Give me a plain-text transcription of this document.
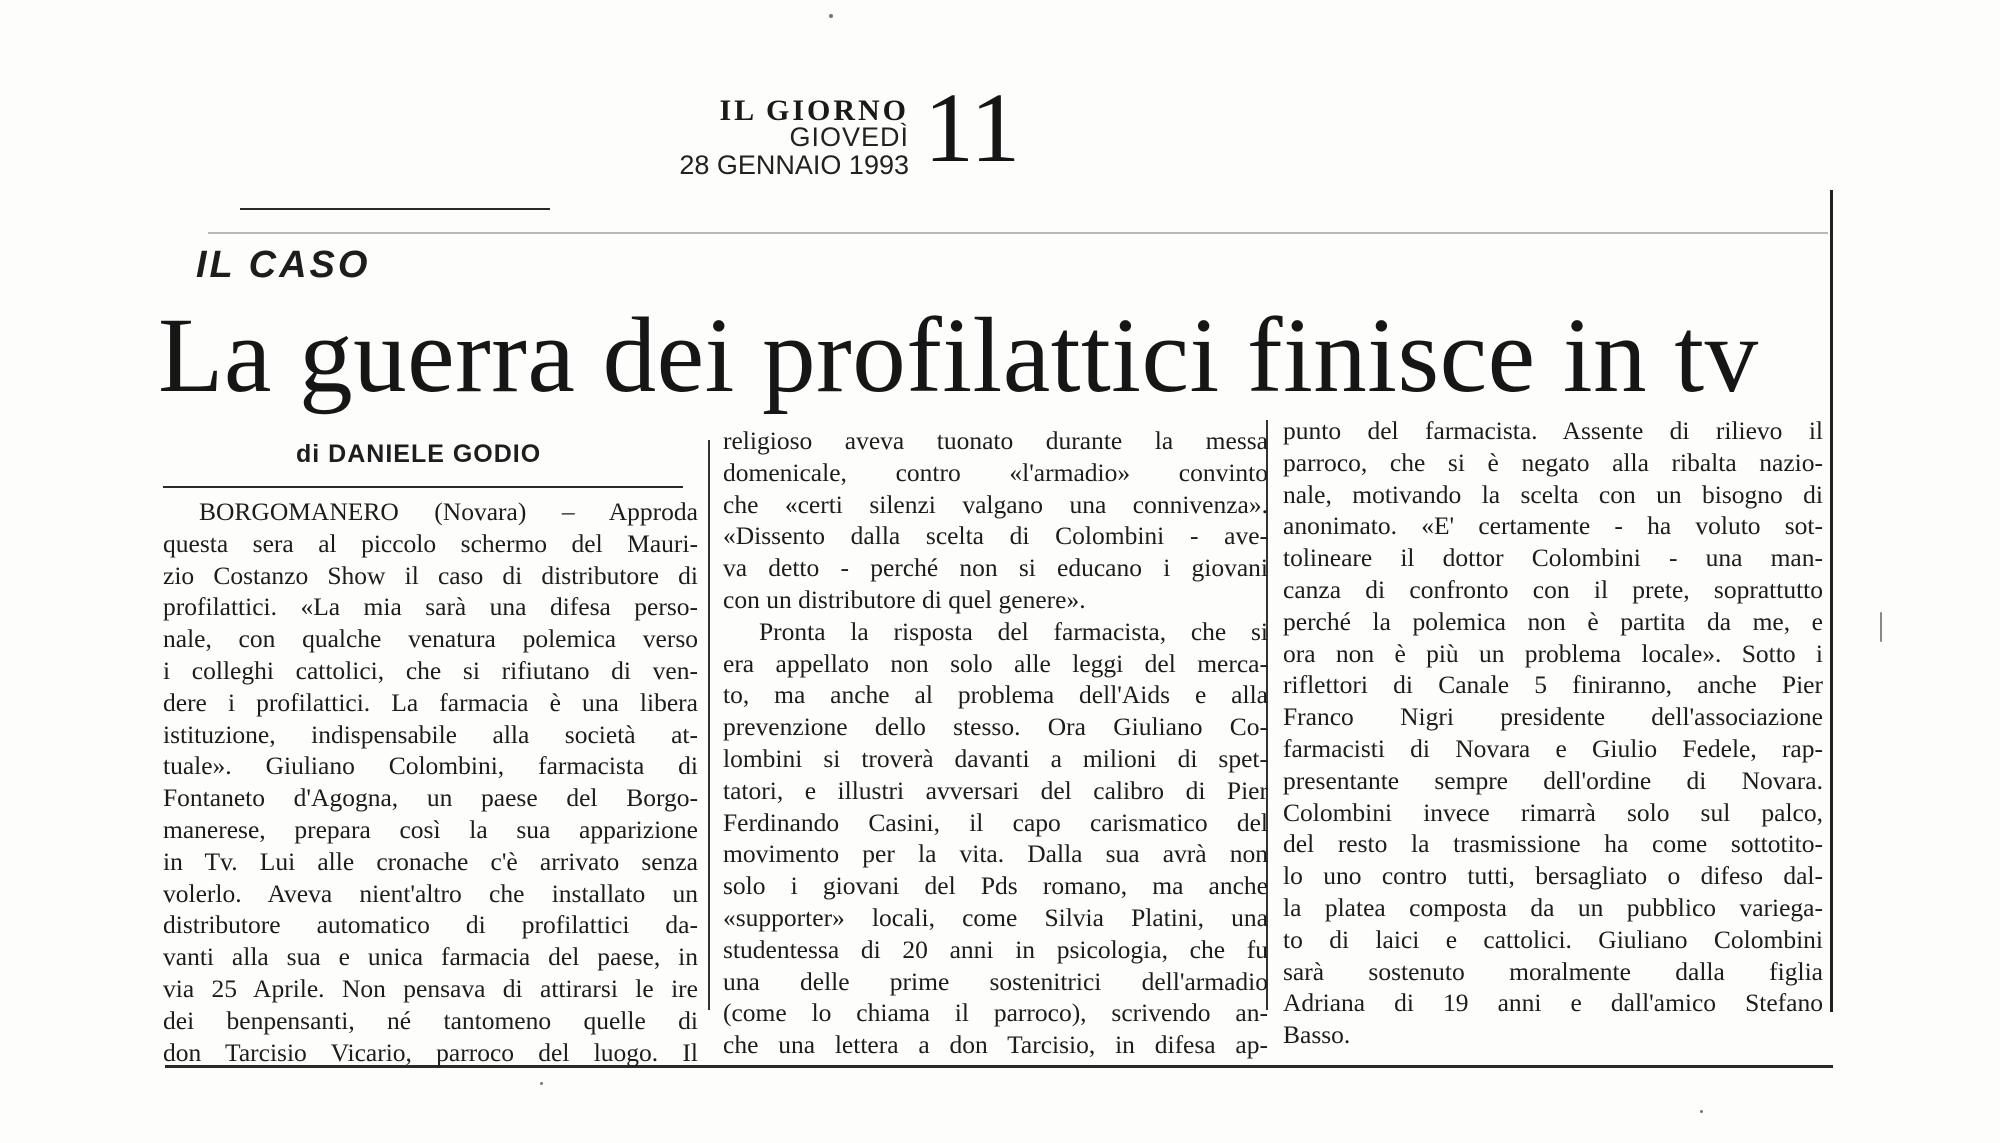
IL GIORNO
GIOVEDÌ
28 GENNAIO 1993 11
IL CASO
La guerra dei profilattici finisce in tv
di DANIELE GODIO
BORGOMANERO (Novara) – Approda
questa sera al piccolo schermo del Mauri-
zio Costanzo Show il caso di distributore di
profilattici. «La mia sarà una difesa perso-
nale, con qualche venatura polemica verso
i colleghi cattolici, che si rifiutano di ven-
dere i profilattici. La farmacia è una libera
istituzione, indispensabile alla società at-
tuale». Giuliano Colombini, farmacista di
Fontaneto d'Agogna, un paese del Borgo-
manerese, prepara così la sua apparizione
in Tv. Lui alle cronache c'è arrivato senza
volerlo. Aveva nient'altro che installato un
distributore automatico di profilattici da-
vanti alla sua e unica farmacia del paese, in
via 25 Aprile. Non pensava di attirarsi le ire
dei benpensanti, né tantomeno quelle di
don Tarcisio Vicario, parroco del luogo. Il
religioso aveva tuonato durante la messa
domenicale, contro «l'armadio» convinto
che «certi silenzi valgano una connivenza».
«Dissento dalla scelta di Colombini - ave-
va detto - perché non si educano i giovani
con un distributore di quel genere».
Pronta la risposta del farmacista, che si
era appellato non solo alle leggi del merca-
to, ma anche al problema dell'Aids e alla
prevenzione dello stesso. Ora Giuliano Co-
lombini si troverà davanti a milioni di spet-
tatori, e illustri avversari del calibro di Pier
Ferdinando Casini, il capo carismatico del
movimento per la vita. Dalla sua avrà non
solo i giovani del Pds romano, ma anche
«supporter» locali, come Silvia Platini, una
studentessa di 20 anni in psicologia, che fu
una delle prime sostenitrici dell'armadio
(come lo chiama il parroco), scrivendo an-
che una lettera a don Tarcisio, in difesa ap-
punto del farmacista. Assente di rilievo il
parroco, che si è negato alla ribalta nazio-
nale, motivando la scelta con un bisogno di
anonimato. «E' certamente - ha voluto sot-
tolineare il dottor Colombini - una man-
canza di confronto con il prete, soprattutto
perché la polemica non è partita da me, e
ora non è più un problema locale». Sotto i
riflettori di Canale 5 finiranno, anche Pier
Franco Nigri presidente dell'associazione
farmacisti di Novara e Giulio Fedele, rap-
presentante sempre dell'ordine di Novara.
Colombini invece rimarrà solo sul palco,
del resto la trasmissione ha come sottotito-
lo uno contro tutti, bersagliato o difeso dal-
la platea composta da un pubblico variega-
to di laici e cattolici. Giuliano Colombini
sarà sostenuto moralmente dalla figlia
Adriana di 19 anni e dall'amico Stefano
Basso.
